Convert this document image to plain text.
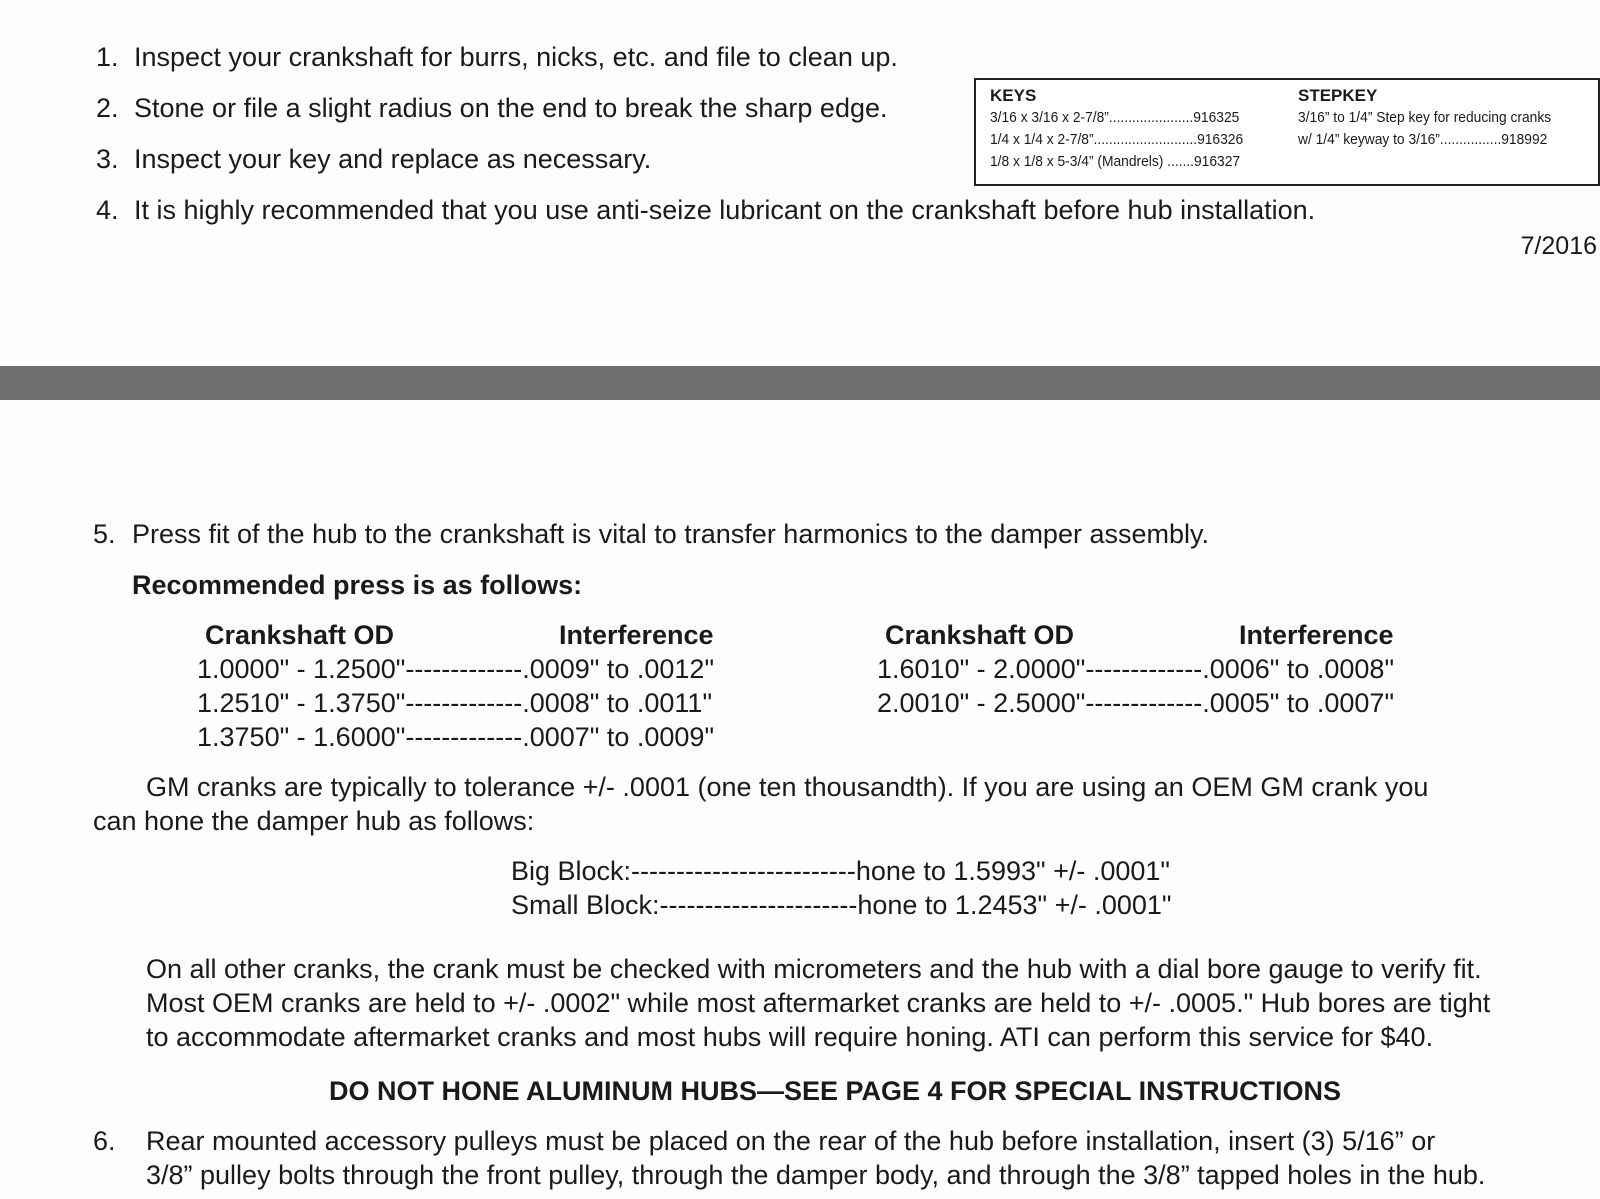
1. Inspect your crankshaft for burrs, nicks, etc. and file to clean up.
2. Stone or file a slight radius on the end to break the sharp edge.
3. Inspect your key and replace as necessary.
4. It is highly recommended that you use anti-seize lubricant on the crankshaft before hub installation.
KEYS
3/16 x 3/16 x 2-7/8”......................916325
1/4 x 1/4 x 2-7/8”...........................916326
1/8 x 1/8 x 5-3/4” (Mandrels) .......916327
STEPKEY
3/16” to 1/4” Step key for reducing cranks
w/ 1/4” keyway to 3/16”................918992
7/2016
5. Press fit of the hub to the crankshaft is vital to transfer harmonics to the damper assembly.
Recommended press is as follows:
Crankshaft OD	Interference	Crankshaft OD	Interference
1.0000" - 1.2500"-------------.0009" to .0012"
1.2510" - 1.3750"-------------.0008" to .0011"
1.3750" - 1.6000"-------------.0007" to .0009"
1.6010" - 2.0000"-------------.0006" to .0008"
2.0010" - 2.5000"-------------.0005" to .0007"
GM cranks are typically to tolerance +/- .0001 (one ten thousandth). If you are using an OEM GM crank you
can hone the damper hub as follows:
Big Block:-------------------------hone to 1.5993" +/- .0001"
Small Block:----------------------hone to 1.2453" +/- .0001"
On all other cranks, the crank must be checked with micrometers and the hub with a dial bore gauge to verify fit.
Most OEM cranks are held to +/- .0002" while most aftermarket cranks are held to +/- .0005." Hub bores are tight
to accommodate aftermarket cranks and most hubs will require honing. ATI can perform this service for $40.
DO NOT HONE ALUMINUM HUBS—SEE PAGE 4 FOR SPECIAL INSTRUCTIONS
6. Rear mounted accessory pulleys must be placed on the rear of the hub before installation, insert (3) 5/16” or
3/8” pulley bolts through the front pulley, through the damper body, and through the 3/8” tapped holes in the hub.
